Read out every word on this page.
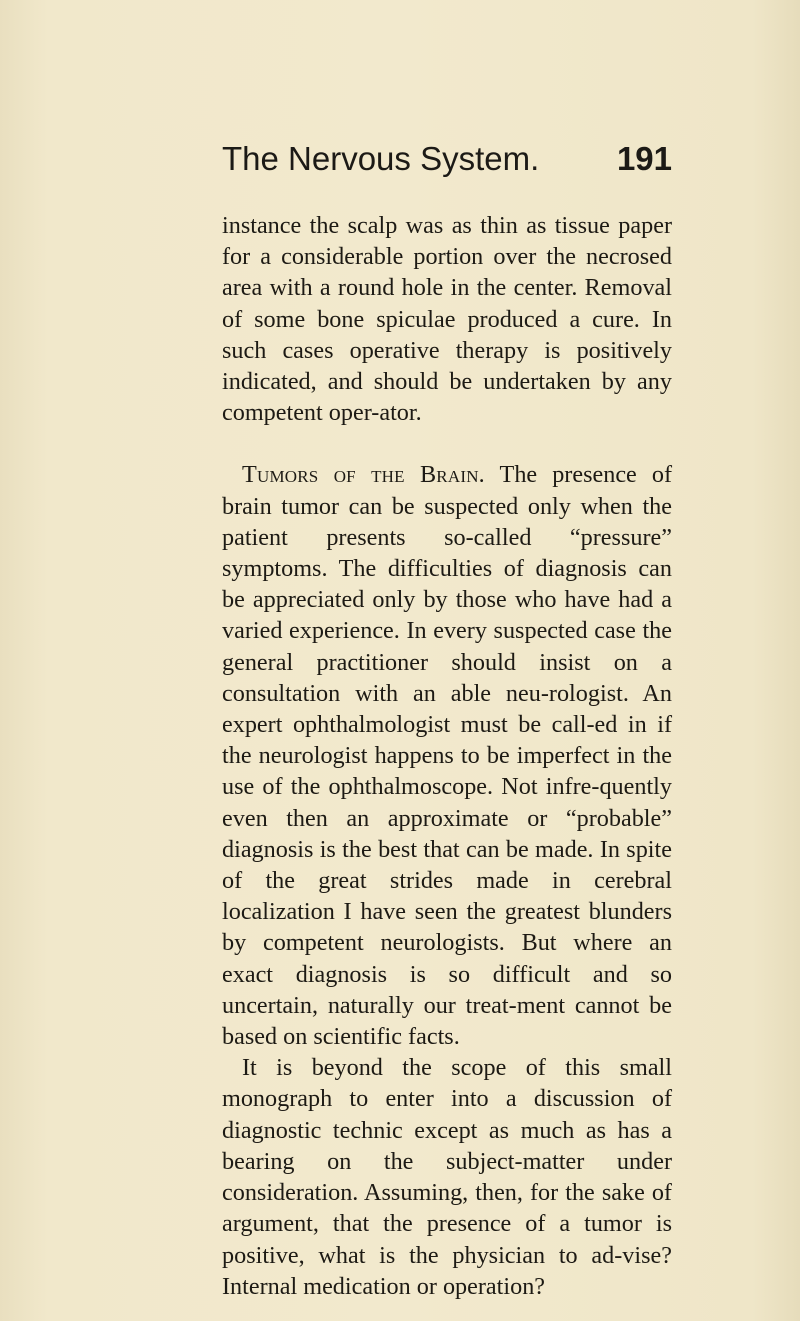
The Nervous System. 191

instance the scalp was as thin as tissue paper for a considerable portion over the necrosed area with a round hole in the center. Removal of some bone spiculae produced a cure. In such cases operative therapy is positively indicated, and should be undertaken by any competent oper-ator.

Tumors of the Brain. The presence of brain tumor can be suspected only when the patient presents so-called “pressure” symptoms. The difficulties of diagnosis can be appreciated only by those who have had a varied experience. In every suspected case the general practitioner should insist on a consultation with an able neu-rologist. An expert ophthalmologist must be call-ed in if the neurologist happens to be imperfect in the use of the ophthalmoscope. Not infre-quently even then an approximate or “probable” diagnosis is the best that can be made. In spite of the great strides made in cerebral localization I have seen the greatest blunders by competent neurologists. But where an exact diagnosis is so difficult and so uncertain, naturally our treat-ment cannot be based on scientific facts.

It is beyond the scope of this small monograph to enter into a discussion of diagnostic technic except as much as has a bearing on the subject-matter under consideration. Assuming, then, for the sake of argument, that the presence of a tumor is positive, what is the physician to ad-vise? Internal medication or operation?
